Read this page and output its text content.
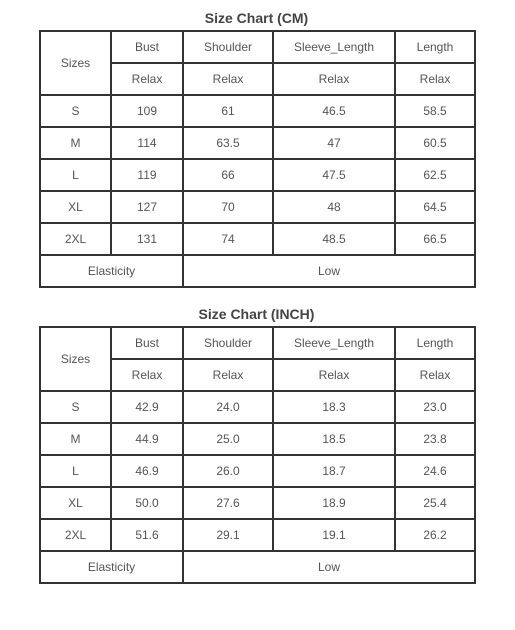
Size Chart (CM)
Sizes	Bust	Shoulder	Sleeve_Length	Length
	Relax	Relax	Relax	Relax
S	109	61	46.5	58.5
M	114	63.5	47	60.5
L	119	66	47.5	62.5
XL	127	70	48	64.5
2XL	131	74	48.5	66.5
Elasticity		Low		
Size Chart (INCH)
Sizes	Bust	Shoulder	Sleeve_Length	Length
	Relax	Relax	Relax	Relax
S	42.9	24.0	18.3	23.0
M	44.9	25.0	18.5	23.8
L	46.9	26.0	18.7	24.6
XL	50.0	27.6	18.9	25.4
2XL	51.6	29.1	19.1	26.2
Elasticity		Low		
